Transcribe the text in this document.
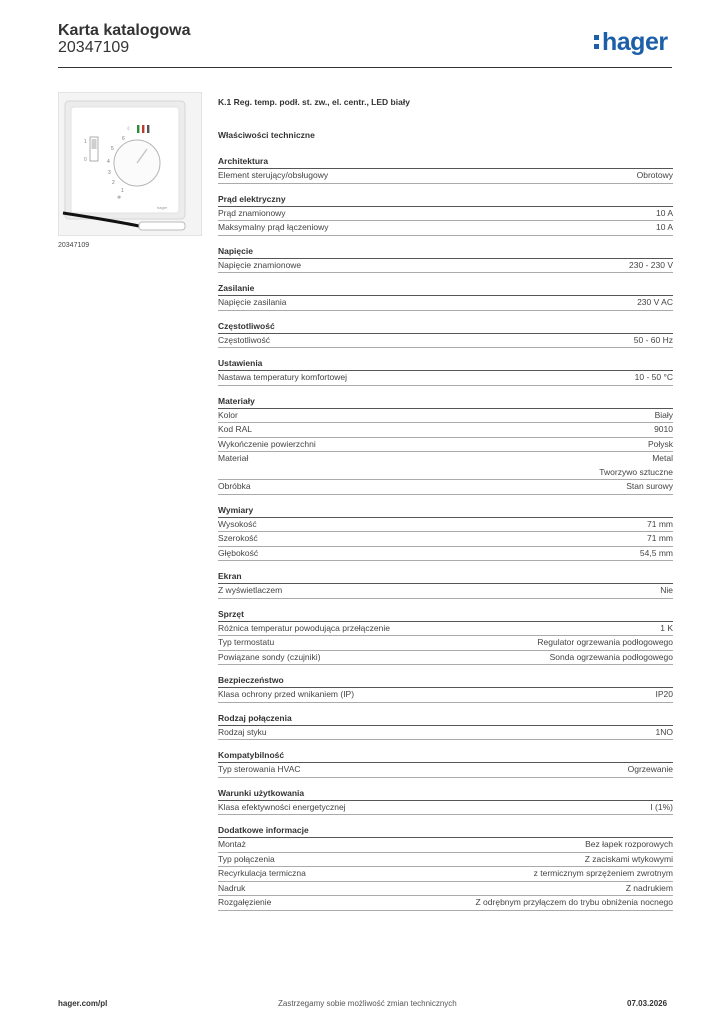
Karta katalogowa
20347109	hager
1
0
☾
6
5
4
3
2
1
❄
hager
20347109
K.1 Reg. temp. podł. st. zw., el. centr., LED biały
Właściwości techniczne
Architektura
Element sterujący/obsługowy	Obrotowy
Prąd elektryczny
Prąd znamionowy	10 A
Maksymalny prąd łączeniowy	10 A
Napięcie
Napięcie znamionowe	230 - 230 V
Zasilanie
Napięcie zasilania	230 V AC
Częstotliwość
Częstotliwość	50 - 60 Hz
Ustawienia
Nastawa temperatury komfortowej	10 - 50 °C
Materiały
Kolor	Biały
Kod RAL	9010
Wykończenie powierzchni	Połysk
Materiał	Metal
Tworzywo sztuczne
Obróbka	Stan surowy
Wymiary
Wysokość	71 mm
Szerokość	71 mm
Głębokość	54,5 mm
Ekran
Z wyświetlaczem	Nie
Sprzęt
Różnica temperatur powodująca przełączenie	1 K
Typ termostatu	Regulator ogrzewania podłogowego
Powiązane sondy (czujniki)	Sonda ogrzewania podłogowego
Bezpieczeństwo
Klasa ochrony przed wnikaniem (IP)	IP20
Rodzaj połączenia
Rodzaj styku	1NO
Kompatybilność
Typ sterowania HVAC	Ogrzewanie
Warunki użytkowania
Klasa efektywności energetycznej	I (1%)
Dodatkowe informacje
Montaż	Bez łapek rozporowych
Typ połączenia	Z zaciskami wtykowymi
Recyrkulacja termiczna	z termicznym sprzężeniem zwrotnym
Nadruk	Z nadrukiem
Rozgałęzienie	Z odrębnym przyłączem do trybu obniżenia nocnego
hager.com/pl	Zastrzegamy sobie możliwość zmian technicznych	07.03.2026
